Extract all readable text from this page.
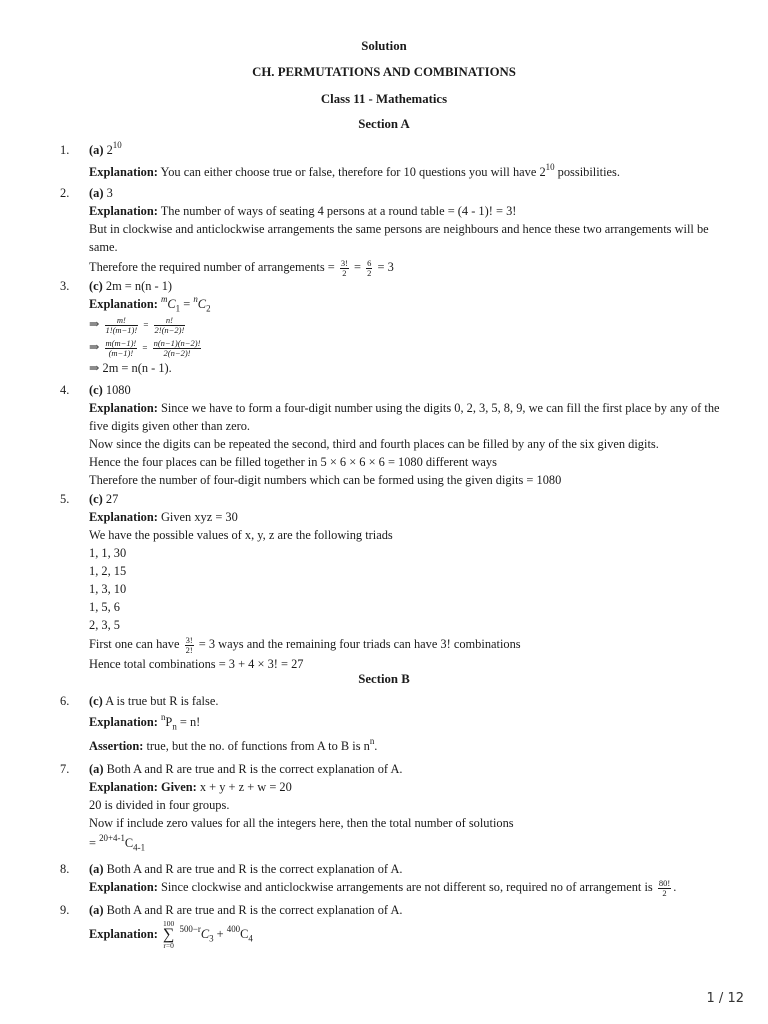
Solution
CH. PERMUTATIONS AND COMBINATIONS
Class 11 - Mathematics
Section A
1.	(a) $2^{10}$
Explanation: You can either choose true or false, therefore for 10 questions you will have $2^{10}$ possibilities.
2.	(a) 3
Explanation: The number of ways of seating 4 persons at a round table = (4 - 1)! = 3!
But in clockwise and anticlockwise arrangements the same persons are neighbours and hence these two arrangements will be same.
Therefore the required number of arrangements = $\frac{3!}{2} = \frac{6}{2} = 3$
3.	(c) 2m = n(n - 1)
Explanation: $^mC_1 = ^nC_2$
⇒ $\frac{m!}{1!(m-1)!} = \frac{n!}{2!(n-2)!}$
⇒ $\frac{m(m-1)!}{(m-1)!} = \frac{n(n-1)(n-2)!}{2(n-2)!}$
⇒ 2m = n(n - 1).
4.	(c) 1080
Explanation: Since we have to form a four-digit number using the digits 0, 2, 3, 5, 8, 9, we can fill the first place by any of the five digits given other than zero.
Now since the digits can be repeated the second, third and fourth places can be filled by any of the six given digits.
Hence the four places can be filled together in 5 × 6 × 6 × 6 = 1080 different ways
Therefore the number of four-digit numbers which can be formed using the given digits = 1080
5.	(c) 27
Explanation: Given xyz = 30
We have the possible values of x, y, z are the following triads
1, 1, 30
1, 2, 15
1, 3, 10
1, 5, 6
2, 3, 5
First one can have $\frac{3!}{2!} = 3$ ways and the remaining four triads can have 3! combinations
Hence total combinations = 3 + 4 × 3! = 27
Section B
6.	(c) A is true but R is false.
Explanation: $^nP_n = n$!
Assertion: true, but the no. of functions from A to B is $n^n$.
7.	(a) Both A and R are true and R is the correct explanation of A.
Explanation: Given: x + y + z + w = 20
20 is divided in four groups.
Now if include zero values for all the integers here, then the total number of solutions
= $^{20+4-1}C_{4-1}$
8.	(a) Both A and R are true and R is the correct explanation of A.
Explanation: Since clockwise and anticlockwise arrangements are not different so, required no of arrangement is $\frac{80!}{2}$ .
9.	(a) Both A and R are true and R is the correct explanation of A.
Explanation:
100
∑
r=0
$^{500-r}C_3 + ^{400}C_4$
1 / 12
